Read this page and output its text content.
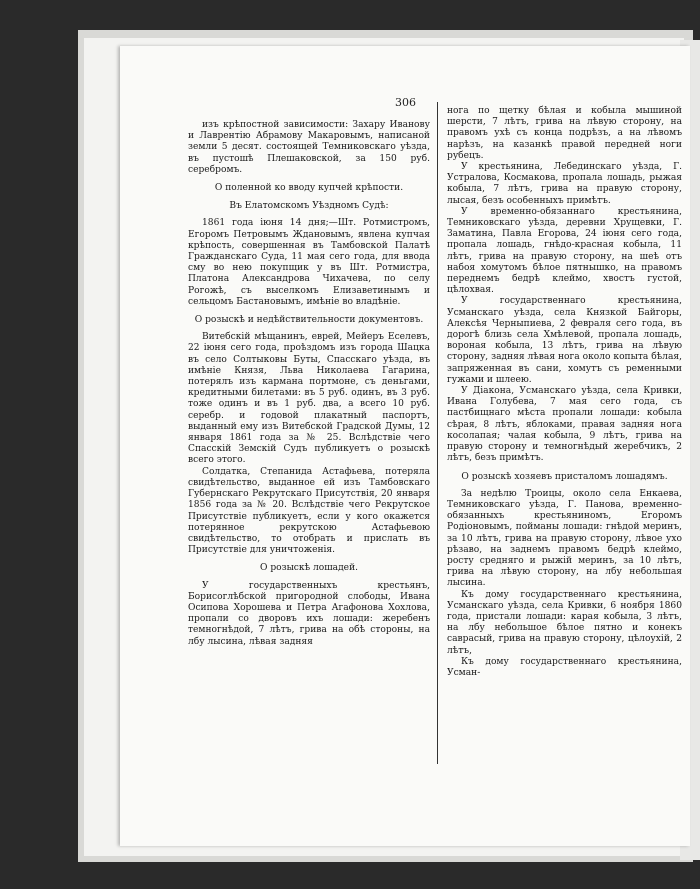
306

изъ крѣпостной зависимости: Захару Иванову и Лаврентію Абрамову Макаровымъ, написаной земли 5 десят. состоящей Темниковскаго уѣзда, въ пустошѣ Плешаковской, за 150 руб. серебромъ.

О поленной ко вводу купчей крѣпости.

Въ Елатомскомъ Уѣздномъ Судѣ:

1861 года іюня 14 дня;—Шт. Ротмистромъ, Егоромъ Петровымъ Ждановымъ, явлена купчая крѣпость, совершенная въ Тамбовской Палатѣ Гражданскаго Суда, 11 мая сего года, для ввода сму во нею покупщик у въ Шт. Ротмистра, Платона Александрова Чихачева, по селу Рогожѣ, съ выселкомъ Елизаветинымъ и сельцомъ Бастановымъ, имѣніе во владѣніе.

О розыскѣ и недѣйствительности документовъ.

Витебскій мѣщанинъ, еврей, Мейеръ Еселевъ, 22 іюня сего года, проѣздомъ изъ города Шацка въ село Солтыковы Буты, Спасскаго уѣзда, въ имѣніе Князя, Льва Николаева Гагарина, потерялъ изъ кармана портмоне, съ деньгами, кредитными билетами: въ 5 руб. одинъ, въ 3 руб. тоже одинъ и въ 1 руб. два, а всего 10 руб. серебр. и годовой плакатный паспортъ, выданный ему изъ Витебской Градской Думы, 12 января 1861 года за № 25. Вслѣдствіе чего Спасскій Земскій Судъ публикуетъ о розыскѣ всего этого.

Солдатка, Степанида Астафьева, потеряла свидѣтельство, выданное ей изъ Тамбовскаго Губернскаго Рекрутскаго Присутствія, 20 января 1856 года за № 20. Вслѣдствіе чего Рекрутское Присутствіе публикуетъ, если у кого окажется потерянное рекрутскою Астафьевою свидѣтельство, то отобрать и прислать въ Присутствіе для уничтоженія.

О розыскѣ лошадей.

У государственныхъ крестьянъ, Борисоглѣбской пригородной слободы, Ивана Осипова Хорошева и Петра Агафонова Хохлова, пропали со дворовъ ихъ лошади: жеребенъ темногнѣдой, 7 лѣтъ, грива на обѣ стороны, на лбу лысина, лѣвая задняя

нога по щетку бѣлая и кобыла мышиной шерсти, 7 лѣтъ, грива на лѣвую сторону, на правомъ ухѣ съ конца подрѣзъ, а на лѣвомъ нарѣзъ, на казанкѣ правой передней ноги рубецъ.

У крестьянина, Лебединскаго уѣзда, Г. Устралова, Космакова, пропала лошадь, рыжая кобыла, 7 лѣтъ, грива на правую сторону, лысая, безъ особенныхъ примѣтъ.

У временно-обязаннаго крестьянина, Темниковскаго уѣзда, деревни Хрущевки, Г. Заматина, Павла Егорова, 24 іюня сего года, пропала лошадь, гнѣдо-красная кобыла, 11 лѣтъ, грива на правую сторону, на шеѣ отъ набоя хомутомъ бѣлое пятнышко, на правомъ переднемъ бедрѣ клеймо, хвостъ густой, цѣлохвая.

У государственнаго крестьянина, Усманскаго уѣзда, села Князкой Байгоры, Алексѣя Черныпиева, 2 февраля сего года, въ дорогѣ близь села Хмѣлевой, пропала лошадь, вороная кобыла, 13 лѣтъ, грива на лѣвую сторону, задняя лѣвая нога около копыта бѣлая, запряженная въ сани, хомутъ съ ременными гужами и шлеею.

У Діакона, Усманскаго уѣзда, села Кривки, Ивана Голубева, 7 мая сего года, съ пастбищнаго мѣста пропали лошади: кобыла сѣрая, 8 лѣтъ, яблоками, правая задняя нога косолапая; чалая кобыла, 9 лѣтъ, грива на правую сторону и темногнѣдый жеребчикъ, 2 лѣтъ, безъ примѣтъ.

О розыскѣ хозяевъ присталомъ лошадямъ.

За недѣлю Троицы, около села Енкаева, Темниковскаго уѣзда, Г. Панова, временно-обязанныхъ крестьяниномъ, Егоромъ Родіоновымъ, пойманы лошади: гнѣдой меринъ, за 10 лѣтъ, грива на правую сторону, лѣвое ухо рѣзаво, на заднемъ правомъ бедрѣ клеймо, росту средняго и рыжій меринъ, за 10 лѣтъ, грива на лѣвую сторону, на лбу небольшая лысина.

Къ дому государственнаго крестьянина, Усманскаго уѣзда, села Кривки, 6 ноября 1860 года, пристали лошади: карая кобыла, 3 лѣтъ, на лбу небольшое бѣлое пятно и конекъ саврасый, грива на правую сторону, цѣлоухій, 2 лѣтъ,

Къ дому государственнаго крестьянина, Усман-
